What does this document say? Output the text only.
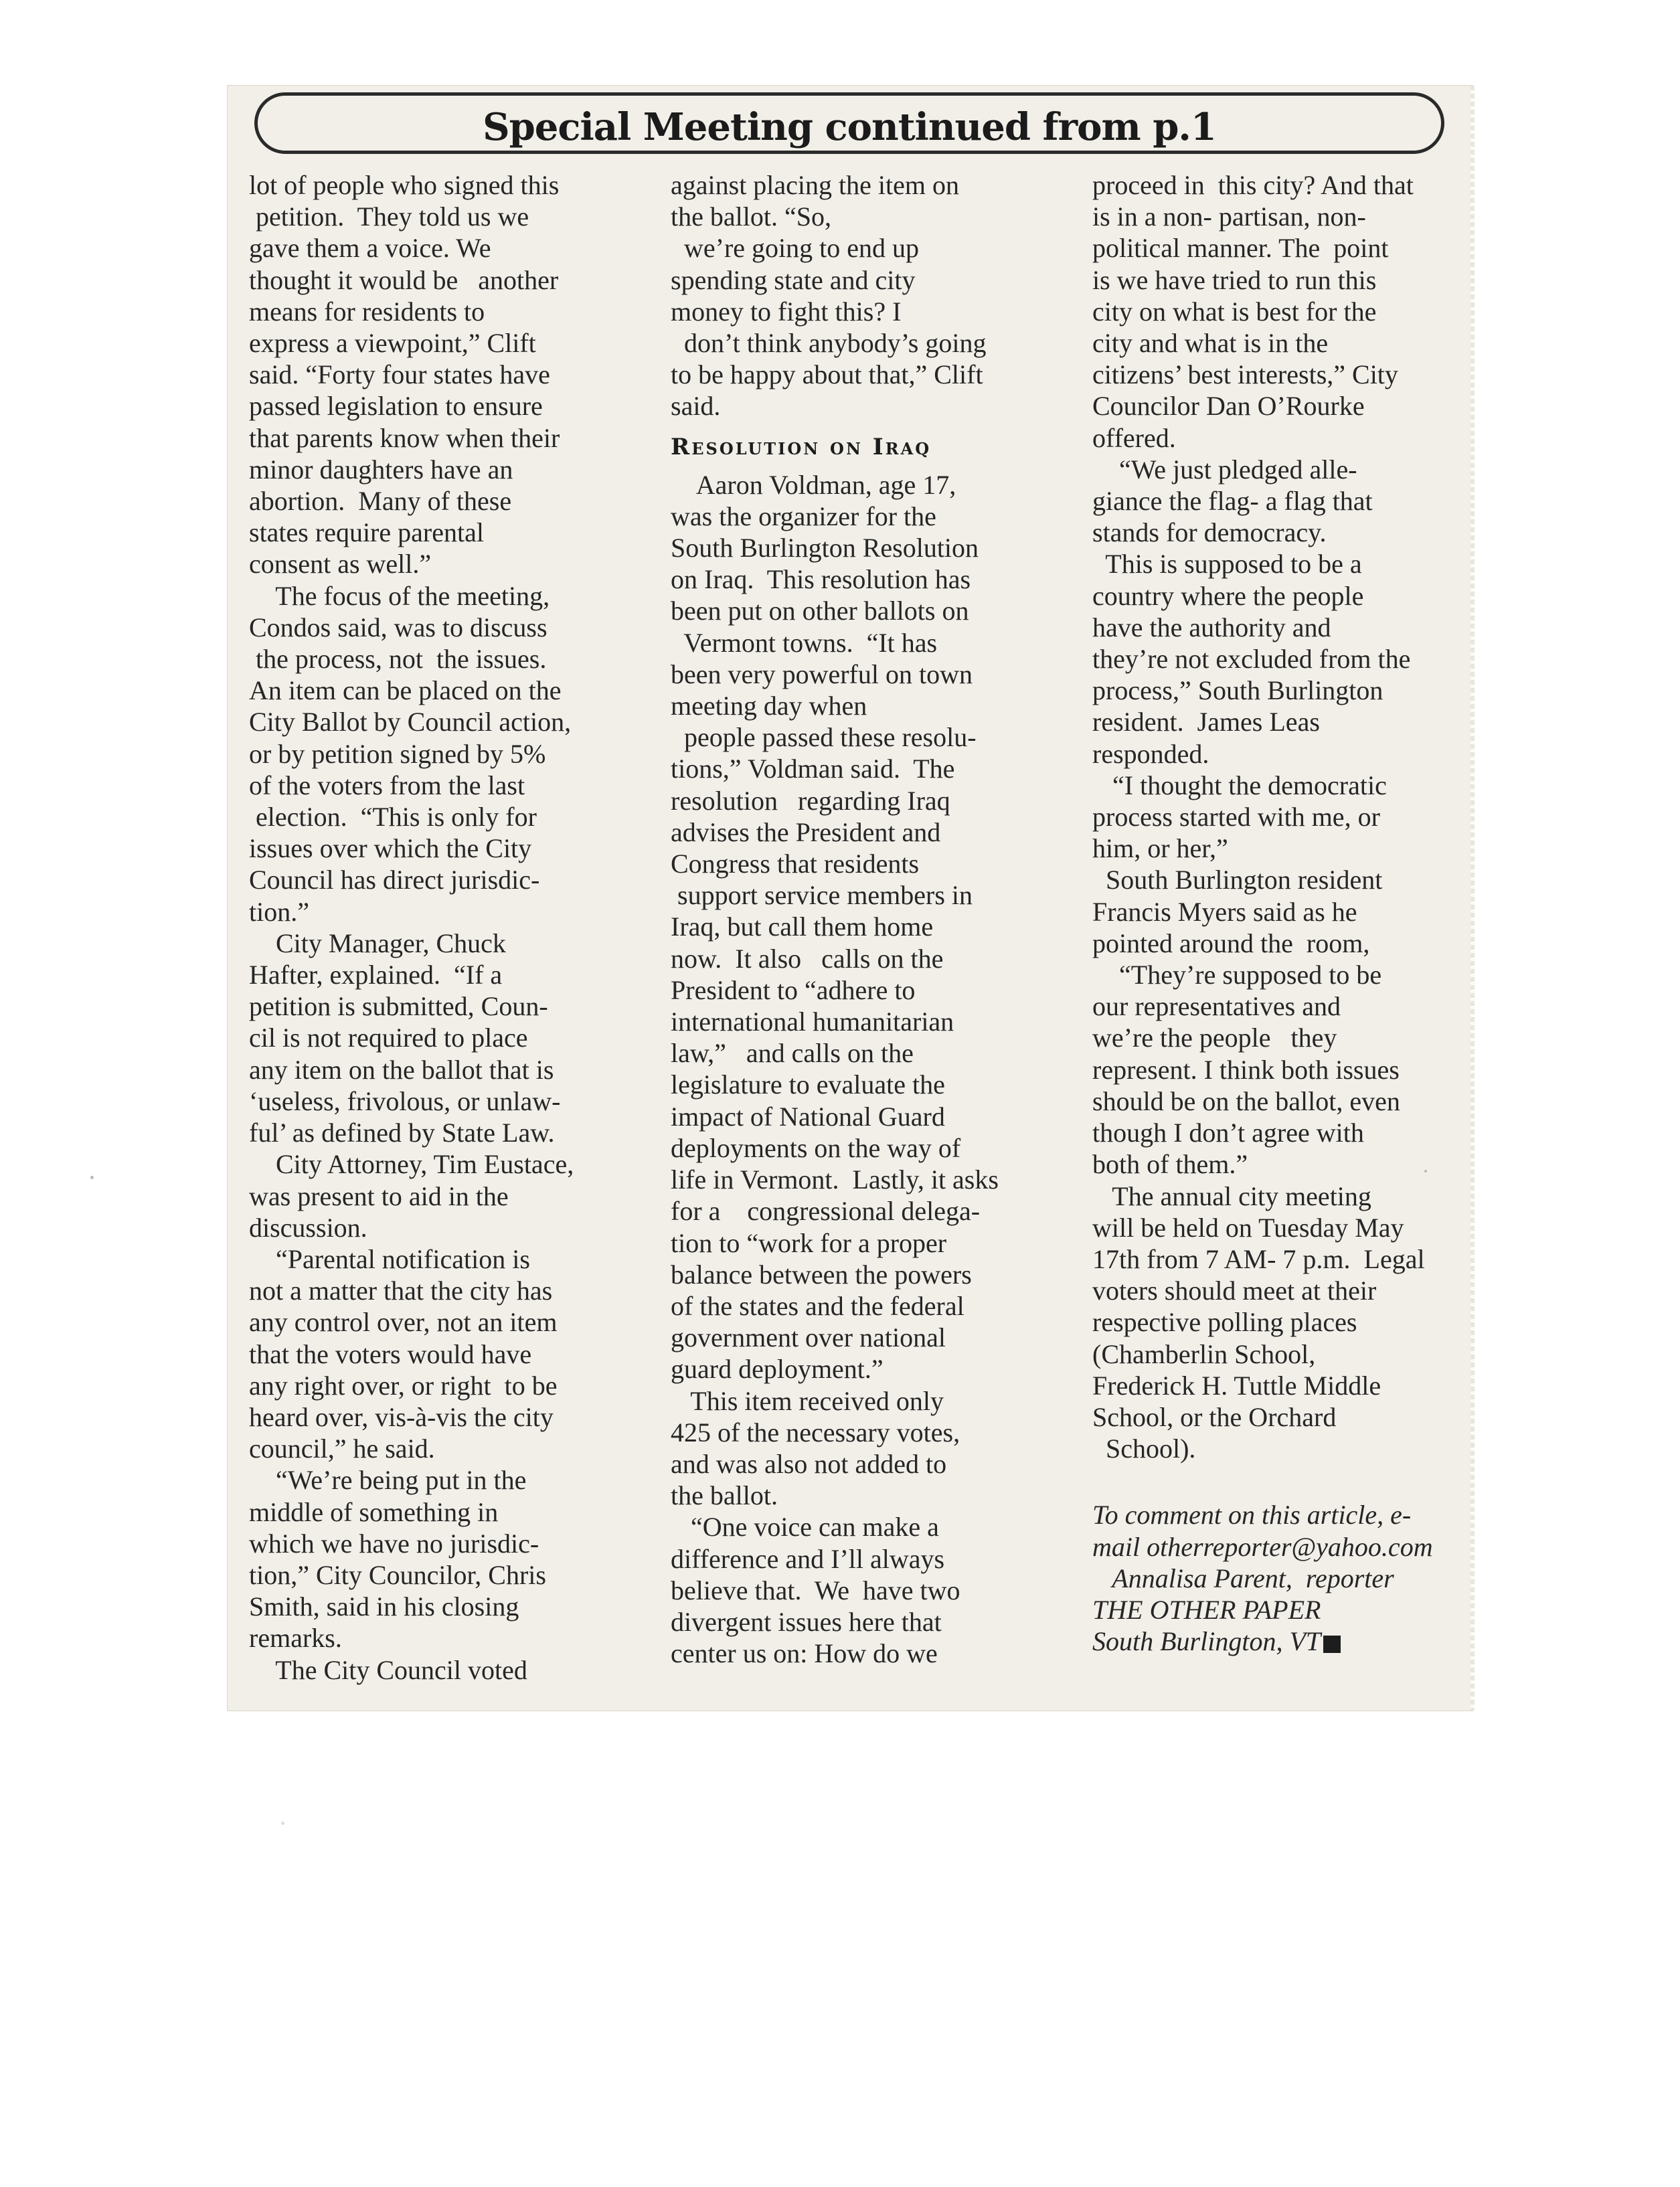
Special Meeting continued from p.1
lot of people who signed this
petition.  They told us we
gave them a voice. We
thought it would be   another
means for residents to
express a viewpoint,” Clift
said. “Forty four states have
passed legislation to ensure
that parents know when their
minor daughters have an
abortion.  Many of these
states require parental
consent as well.”
The focus of the meeting,
Condos said, was to discuss
the process, not  the issues.
An item can be placed on the
City Ballot by Council action,
or by petition signed by 5%
of the voters from the last
election.  “This is only for
issues over which the City
Council has direct jurisdic-
tion.”
City Manager, Chuck
Hafter, explained.  “If a
petition is submitted, Coun-
cil is not required to place
any item on the ballot that is
‘useless, frivolous, or unlaw-
ful’ as defined by State Law.
City Attorney, Tim Eustace,
was present to aid in the
discussion.
“Parental notification is
not a matter that the city has
any control over, not an item
that the voters would have
any right over, or right  to be
heard over, vis-à-vis the city
council,” he said.
“We’re being put in the
middle of something in
which we have no jurisdic-
tion,” City Councilor, Chris
Smith, said in his closing
remarks.
The City Council voted
against placing the item on
the ballot. “So,
we’re going to end up
spending state and city
money to fight this? I
don’t think anybody’s going
to be happy about that,” Clift
said.
Resolution on Iraq
Aaron Voldman, age 17,
was the organizer for the
South Burlington Resolution
on Iraq.  This resolution has
been put on other ballots on
Vermont towns.  “It has
been very powerful on town
meeting day when
people passed these resolu-
tions,” Voldman said.  The
resolution   regarding Iraq
advises the President and
Congress that residents
support service members in
Iraq, but call them home
now.  It also   calls on the
President to “adhere to
international humanitarian
law,”   and calls on the
legislature to evaluate the
impact of National Guard
deployments on the way of
life in Vermont.  Lastly, it asks
for a    congressional delega-
tion to “work for a proper
balance between the powers
of the states and the federal
government over national
guard deployment.”
This item received only
425 of the necessary votes,
and was also not added to
the ballot.
“One voice can make a
difference and I’ll always
believe that.  We  have two
divergent issues here that
center us on: How do we
proceed in  this city? And that
is in a non- partisan, non-
political manner. The  point
is we have tried to run this
city on what is best for the
city and what is in the
citizens’ best interests,” City
Councilor Dan O’Rourke
offered.
“We just pledged alle-
giance the flag- a flag that
stands for democracy.
This is supposed to be a
country where the people
have the authority and
they’re not excluded from the
process,” South Burlington
resident.  James Leas
responded.
“I thought the democratic
process started with me, or
him, or her,”
South Burlington resident
Francis Myers said as he
pointed around the  room,
“They’re supposed to be
our representatives and
we’re the people   they
represent. I think both issues
should be on the ballot, even
though I don’t agree with
both of them.”
The annual city meeting
will be held on Tuesday May
17th from 7 AM- 7 p.m.  Legal
voters should meet at their
respective polling places
(Chamberlin School,
Frederick H. Tuttle Middle
School, or the Orchard
School).
To comment on this article, e-
mail otherreporter@yahoo.com
Annalisa Parent,  reporter
THE OTHER PAPER
South Burlington, VT
